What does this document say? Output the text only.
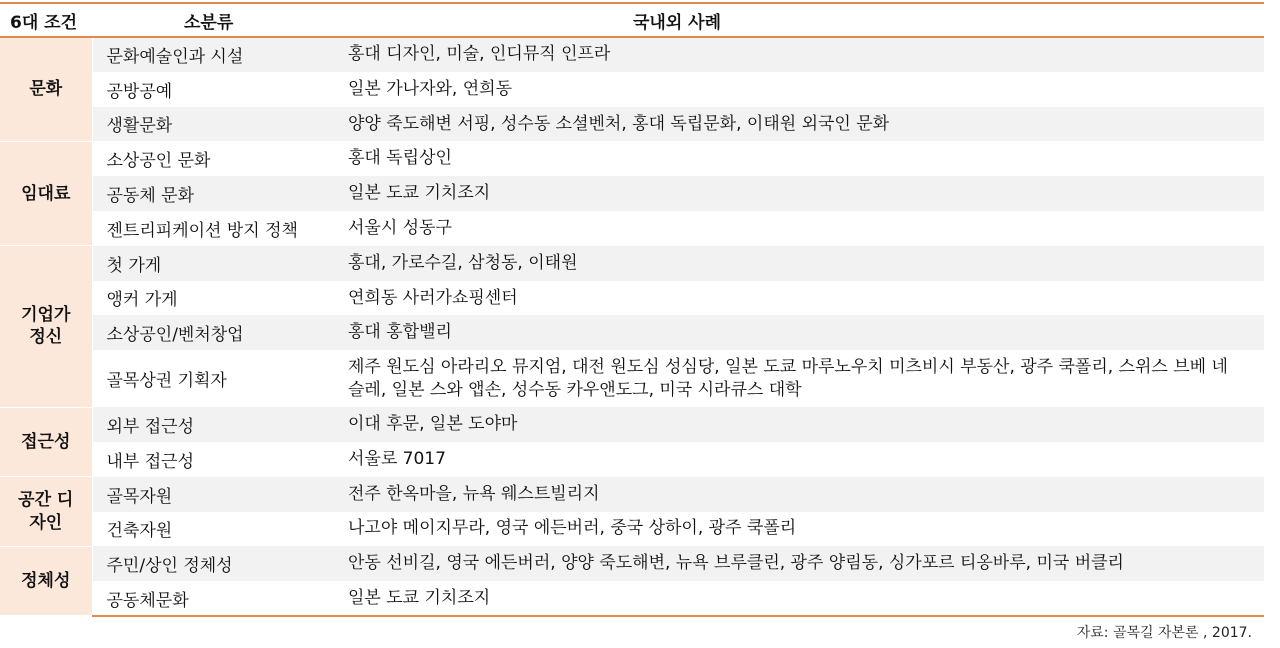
6대 조건	소분류	국내외 사례
문화	문화예술인과 시설	홍대 디자인, 미술, 인디뮤직 인프라
	공방공예	일본 가나자와, 연희동
	생활문화	양양 죽도해변 서핑, 성수동 소셜벤처, 홍대 독립문화, 이태원 외국인 문화
임대료	소상공인 문화	홍대 독립상인
	공동체 문화	일본 도쿄 기치조지
	젠트리피케이션 방지 정책	서울시 성동구
기업가 정신	첫 가게	홍대, 가로수길, 삼청동, 이태원
	앵커 가게	연희동 사러가쇼핑센터
	소상공인/벤처창업	홍대 홍합밸리
	골목상권 기획자	제주 원도심 아라리오 뮤지엄, 대전 원도심 성심당, 일본 도쿄 마루노우치 미츠비시 부동산, 광주 쿡폴리, 스위스 브베 네슬레, 일본 스와 앱손, 성수동 카우앤도그, 미국 시라큐스 대학
접근성	외부 접근성	이대 후문, 일본 도야마
	내부 접근성	서울로 7017
공간 디자인	골목자원	전주 한옥마을, 뉴욕 웨스트빌리지
	건축자원	나고야 메이지무라, 영국 에든버러, 중국 상하이, 광주 쿡폴리
정체성	주민/상인 정체성	안동 선비길, 영국 에든버러, 양양 죽도해변, 뉴욕 브루클린, 광주 양림동, 싱가포르 티옹바루, 미국 버클리
	공동체문화	일본 도쿄 기치조지
자료: 골목길 자본론 , 2017.
